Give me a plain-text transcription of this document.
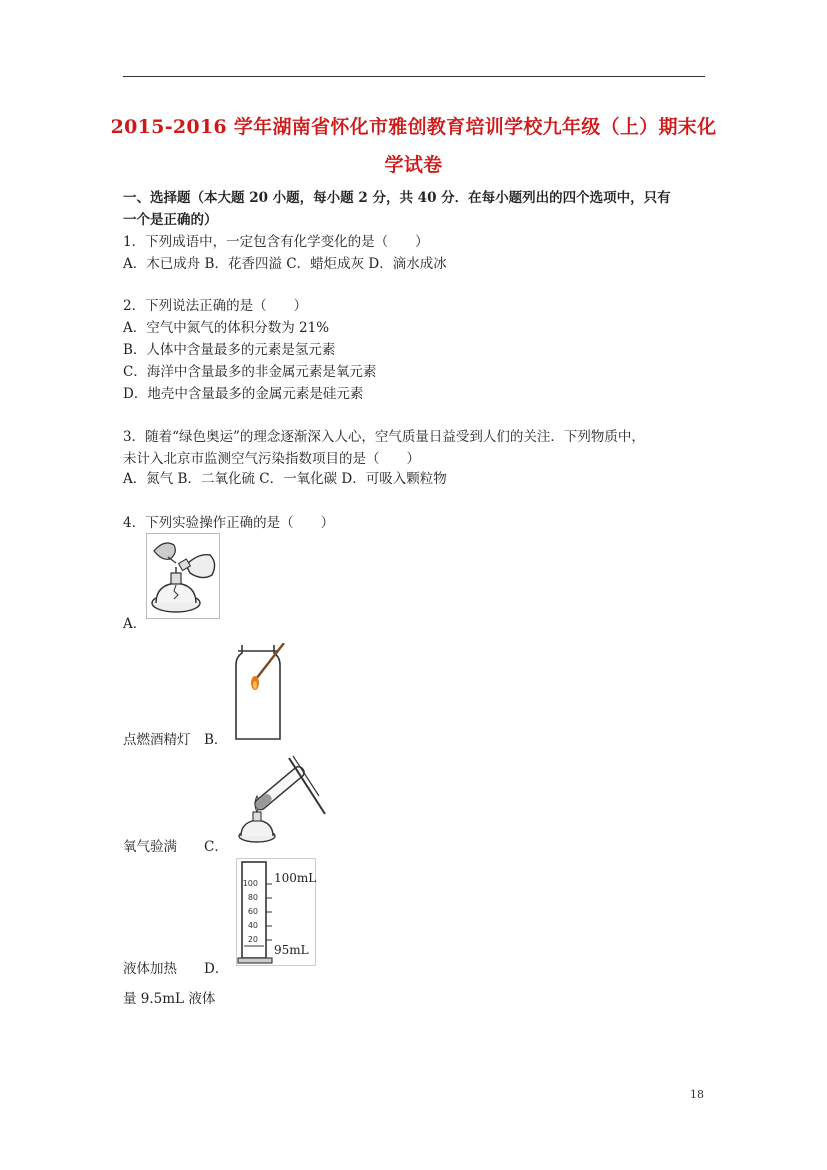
2015-2016 学年湖南省怀化市雅创教育培训学校九年级（上）期末化
学试卷
一、选择题（本大题 20 小题，每小题 2 分，共 40 分．在每小题列出的四个选项中，只有
一个是正确的）
1．下列成语中，一定包含有化学变化的是（　　）
A．木已成舟 B．花香四溢 C．蜡炬成灰 D．滴水成冰
2．下列说法正确的是（　　）
A．空气中氮气的体积分数为 21%
B．人体中含量最多的元素是氢元素
C．海洋中含量最多的非金属元素是氧元素
D．地壳中含量最多的金属元素是硅元素
3．随着“绿色奥运”的理念逐渐深入人心，空气质量日益受到人们的关注．下列物质中，
未计入北京市监测空气污染指数项目的是（　　）
A．氮气 B．二氧化硫 C．一氧化碳 D．可吸入颗粒物
4．下列实验操作正确的是（　　）
A．
点燃酒精灯　B．
氧气验满　　C．
100
80
60
40
20
100mL
95mL
液体加热　　D．
量 9.5mL 液体
18
